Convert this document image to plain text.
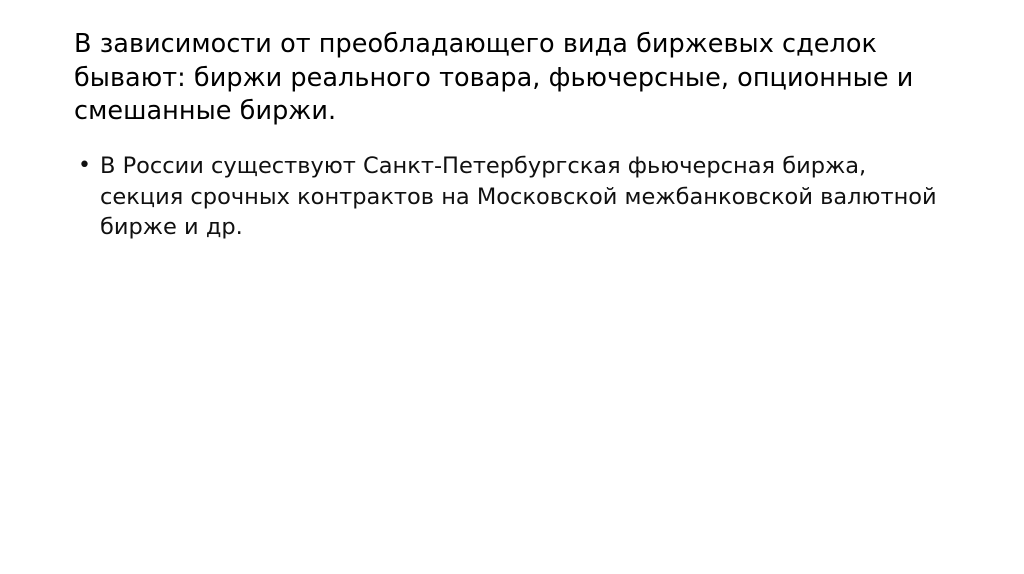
В зависимости от преобладающего вида биржевых сделок бывают: биржи реального товара, фьючерсные, опционные и смешанные биржи.

• В России существуют Санкт-Петербургская фьючерсная биржа, секция срочных контрактов на Московской межбанковской валютной бирже и др.
